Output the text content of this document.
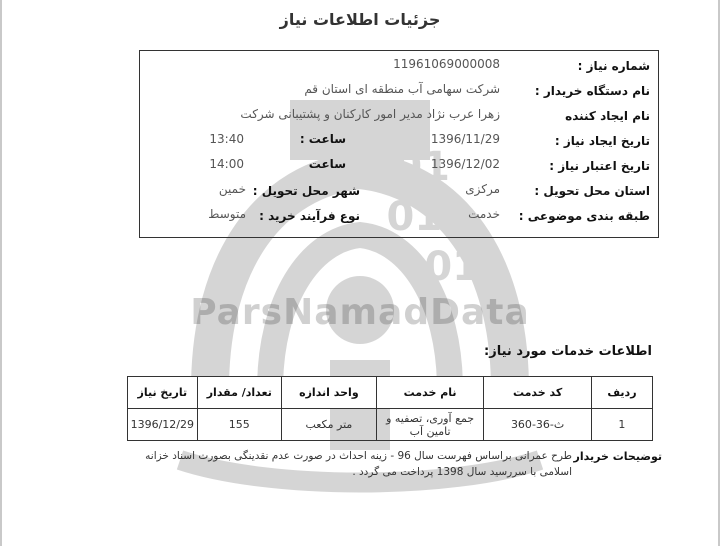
001
010
01
ParsNamadData
جزئیات اطلاعات نیاز
شماره نیاز :
11961069000008
نام دستگاه خریدار :
شرکت سهامی آب منطقه ای استان قم
نام ایجاد کننده
زهرا عرب نژاد مدیر امور کارکنان و پشتیبانی شرکت
تاریخ ایجاد نیاز :
1396/11/29
ساعت :
13:40
تاریخ اعتبار نیاز :
1396/12/02
ساعت
14:00
استان محل تحویل :
مرکزی
شهر محل تحویل :
خمین
طبقه بندی موضوعی :
خدمت
نوع فرآیند خرید :
متوسط
اطلاعات خدمات مورد نیاز:
ردیف	کد خدمت	نام خدمت	واحد اندازه	تعداد/ مقدار	تاریخ نیاز
1	ث-36-360	جمع آوری، تصفیه و تامین آب	متر مکعب	155	1396/12/29
توضیحات خریدار
طرح عمرانی براساس فهرست سال 96 - زینه احداث در صورت عدم نقدینگی بصورت اسناد خزانه اسلامی با سررسید سال 1398 پرداخت می گردد .
